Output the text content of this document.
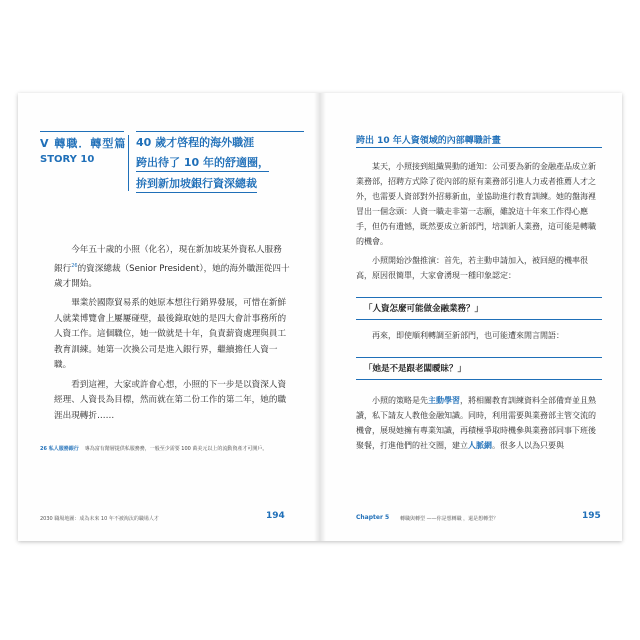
V 轉職．轉型篇
STORY 10
40 歲才啓程的海外職涯
跨出待了 10 年的舒適圈，
拚到新加坡銀行資深總裁

今年五十歲的小照（化名），現在新加坡某外資私人服務銀行$^{26}$的資深總裁（Senior President），她的海外職涯從四十歲才開始。

畢業於國際貿易系的她原本想往行銷界發展，可惜在新鮮人就業博覽會上屢屢碰壁，最後錄取她的是四大會計事務所的人資工作。這個職位，她一做就是十年，負責薪資處理與員工教育訓練。她第一次換公司是進入銀行界，繼續擔任人資一職。

看到這裡，大家或許會心想，小照的下一步是以資深人資經理、人資長為目標，然而就在第二份工作的第二年，她的職涯出現轉折……

26 私人服務銀行 專為富有階層提供私服務務，一般至少需要 100 萬美元以上的流動資產才可開戶。
2030 職場地圖：成為未來 10 年不被淘汰的職場人才	194
跨出 10 年人資領域的內部轉職計畫

某天，小照接到組織異動的通知：公司要為新的金融產品成立新業務部，招聘方式除了從內部的原有業務部引進人力或者推薦人才之外，也需要人資部對外招募新血，並協助進行教育訓練。她的盤海裡冒出一個念頭：人資一職走非第一志願，雖說這十年來工作得心應手，但仍有遺憾，既然要成立新部門，培訓新人業務，這可能是轉職的機會。

小照開始沙盤推演：首先，若主動申請加入，被回絕的機率很高，原因很簡單，大家會湧現一種印象認定：

「人資怎麼可能做金融業務？」

再來，即使順利轉調至新部門，也可能遭來閒言閒語：

「她是不是跟老闆曖昧？」

小照的策略是先主動學習，將相關教育訓練資料全部備齊並且熟讀，私下請友人教他金融知識。同時，利用需要與業務部主管交流的機會，展現她擁有專業知識，再積極爭取時機參與業務部同事下班後聚餐，打進他們的社交圈，建立人脈網。很多人以為只要與

Chapter 5 轉職與轉型 ——你是想轉職 ，還是想轉型？	195
